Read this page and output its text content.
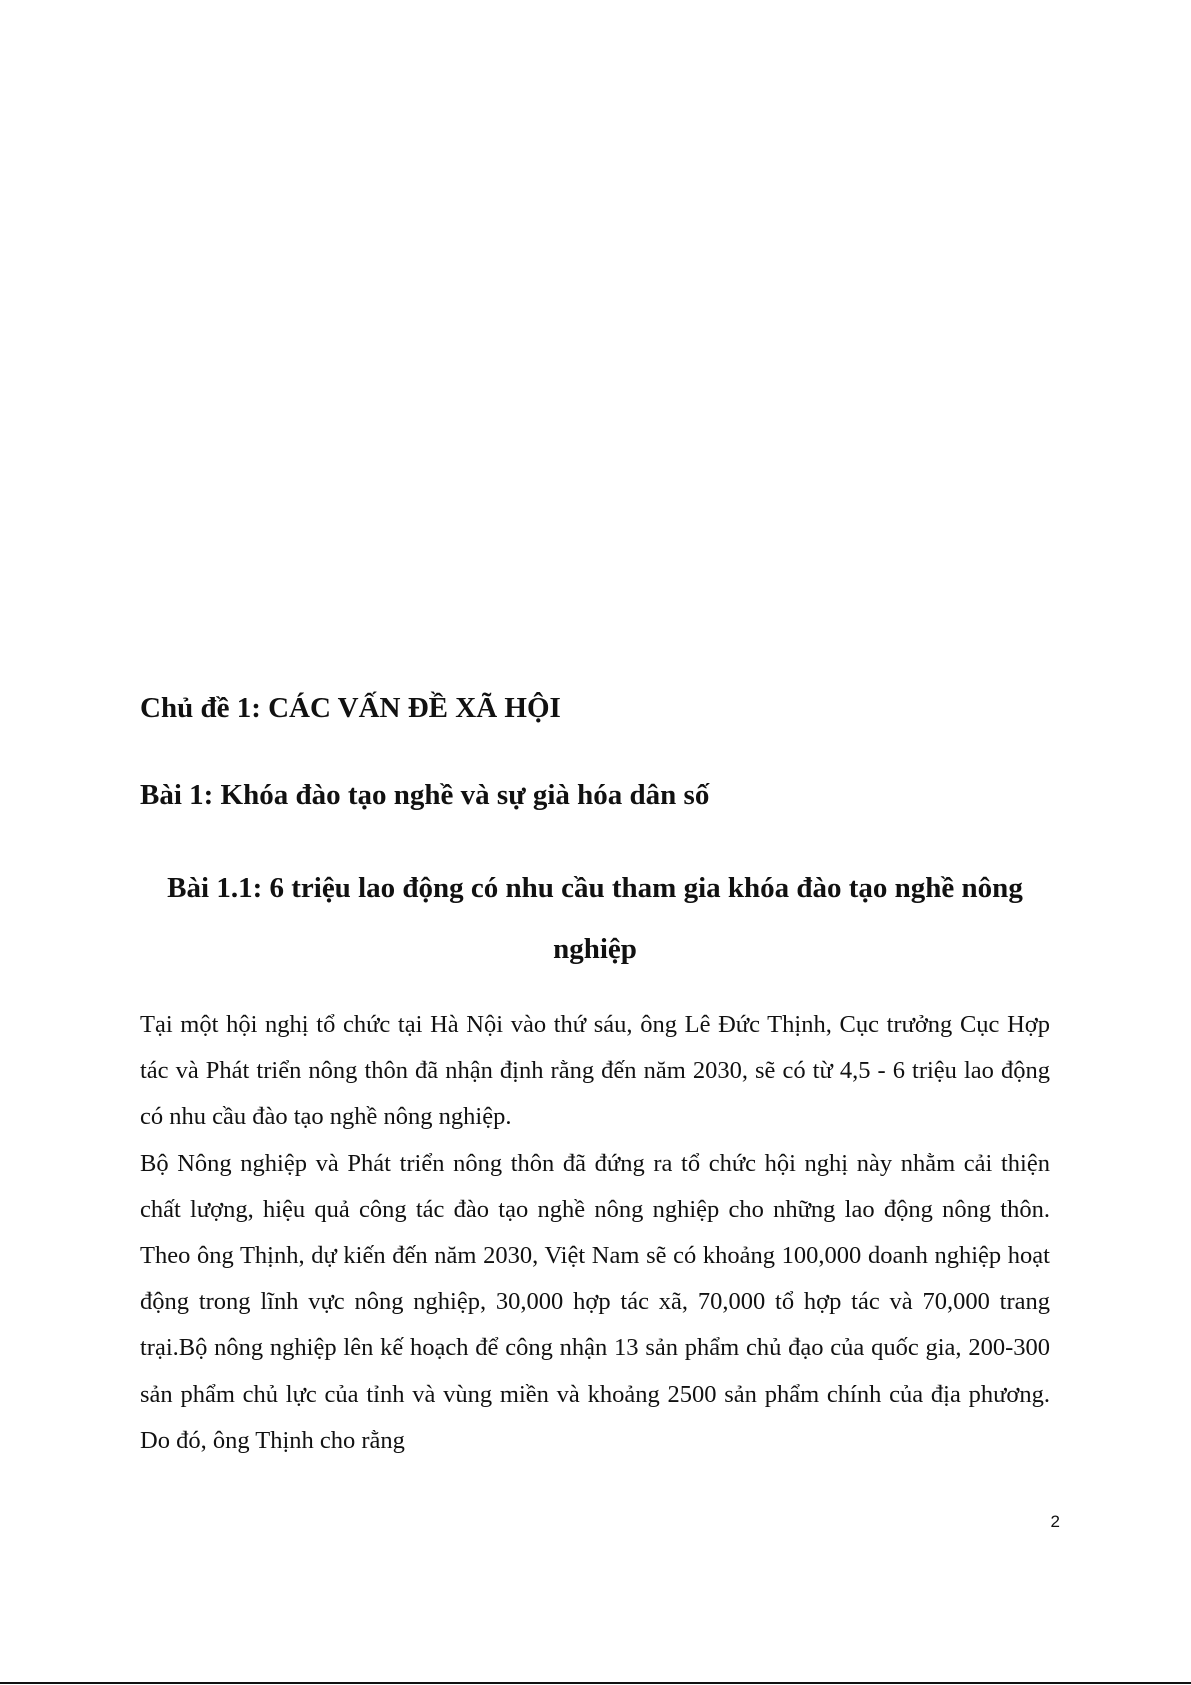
Chủ đề 1: CÁC VẤN ĐỀ XÃ HỘI
Bài 1: Khóa đào tạo nghề và sự già hóa dân số
Bài 1.1: 6 triệu lao động có nhu cầu tham gia khóa đào tạo nghề nông nghiệp

Tại một hội nghị tổ chức tại Hà Nội vào thứ sáu, ông Lê Đức Thịnh, Cục trưởng Cục Hợp tác và Phát triển nông thôn đã nhận định rằng đến năm 2030, sẽ có từ 4,5 - 6 triệu lao động có nhu cầu đào tạo nghề nông nghiệp.

Bộ Nông nghiệp và Phát triển nông thôn đã đứng ra tổ chức hội nghị này nhằm cải thiện chất lượng, hiệu quả công tác đào tạo nghề nông nghiệp cho những lao động nông thôn. Theo ông Thịnh, dự kiến đến năm 2030, Việt Nam sẽ có khoảng 100,000 doanh nghiệp hoạt động trong lĩnh vực nông nghiệp, 30,000 hợp tác xã, 70,000 tổ hợp tác và 70,000 trang trại.Bộ nông nghiệp lên kế hoạch để công nhận 13 sản phẩm chủ đạo của quốc gia, 200-300 sản phẩm chủ lực của tỉnh và vùng miền và khoảng 2500 sản phẩm chính của địa phương. Do đó, ông Thịnh cho rằng

2
